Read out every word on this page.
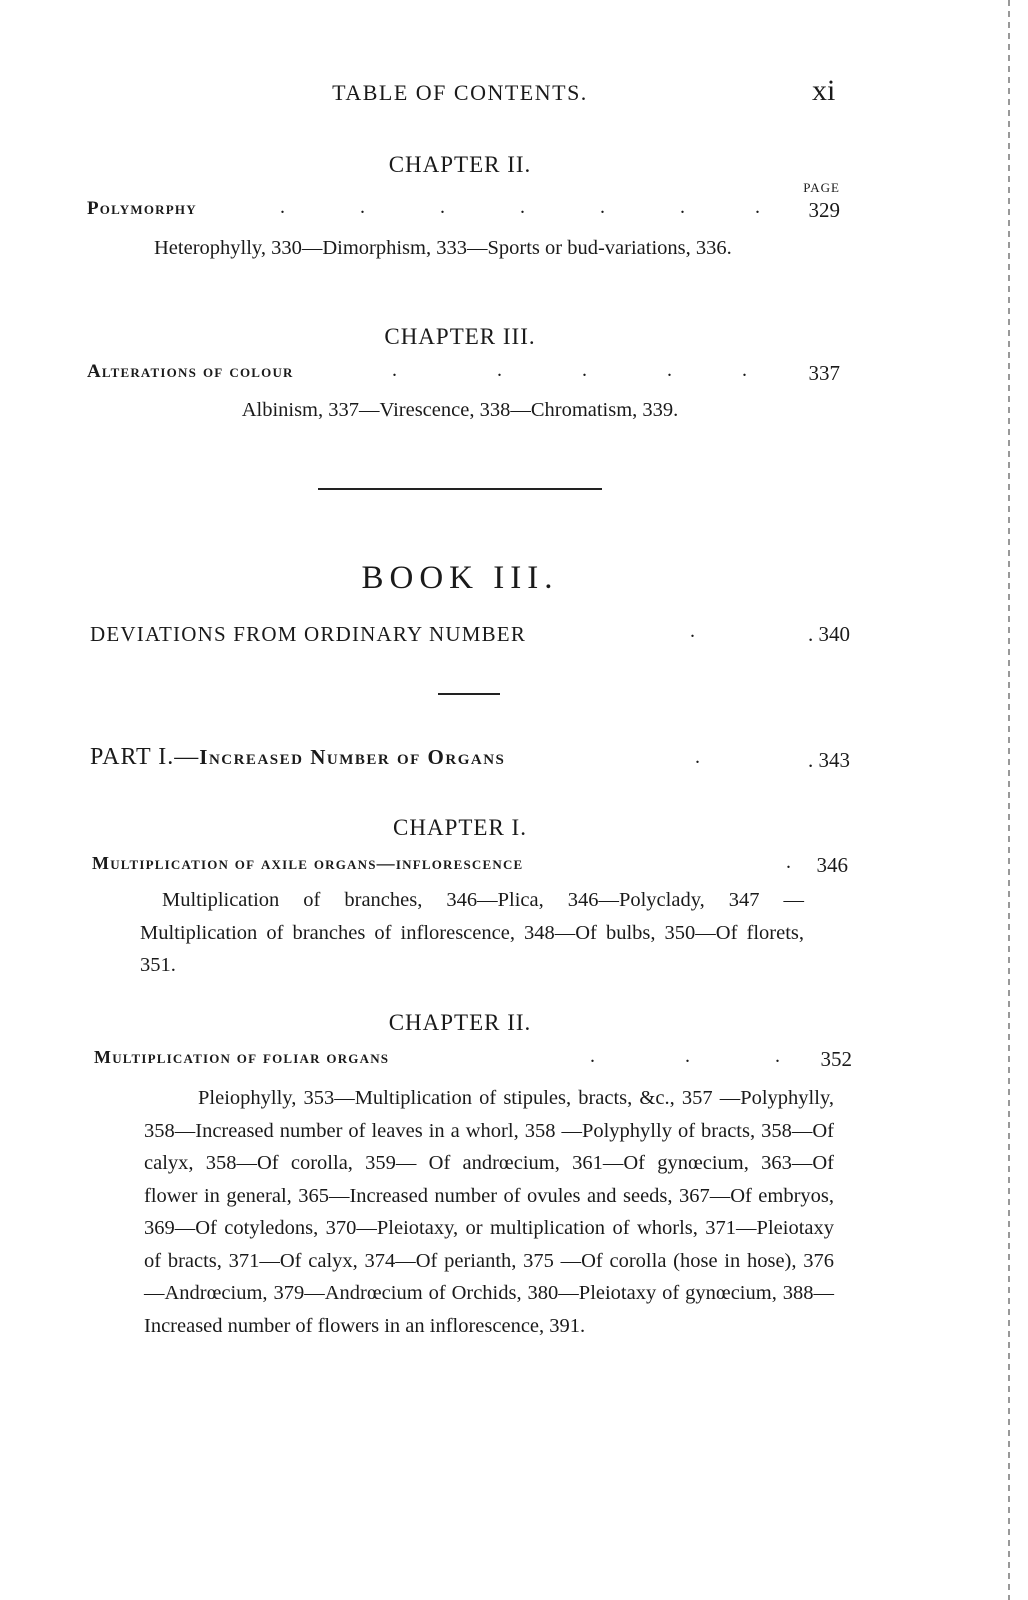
TABLE OF CONTENTS.	xi
CHAPTER II.
PAGE
Polymorphy	.               .               .               .               .               .              .	329
Heterophylly, 330—Dimorphism, 333—Sports or bud-variations, 336.
CHAPTER III.
Alterations of colour	.                    .                .                .              .	337
Albinism, 337—Virescence, 338—Chromatism, 339.
BOOK III.
DEVIATIONS FROM ORDINARY NUMBER	.	. 340
PART I.—Increased Number of Organs	.	. 343
CHAPTER I.
Multiplication of axile organs—inflorescence	.	346
Multiplication of branches, 346—Plica, 346—Polyclady, 347 —Multiplication of branches of inflorescence, 348—Of bulbs, 350—Of florets, 351.
CHAPTER II.
Multiplication of foliar organs	.                  .                 .	352
Pleiophylly, 353—Multiplication of stipules, bracts, &c., 357 —Polyphylly, 358—Increased number of leaves in a whorl, 358 —Polyphylly of bracts, 358—Of calyx, 358—Of corolla, 359— Of andrœcium, 361—Of gynœcium, 363—Of flower in general, 365—Increased number of ovules and seeds, 367—Of embryos, 369—Of cotyledons, 370—Pleiotaxy, or multiplication of whorls, 371—Pleiotaxy of bracts, 371—Of calyx, 374—Of perianth, 375 —Of corolla (hose in hose), 376—Andrœcium, 379—Andrœcium of Orchids, 380—Pleiotaxy of gynœcium, 388—Increased number of flowers in an inflorescence, 391.
